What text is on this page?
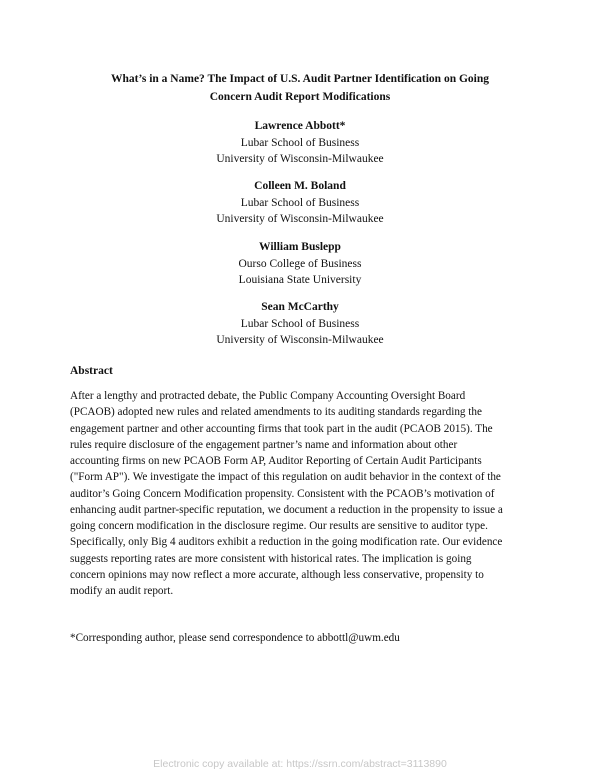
What’s in a Name? The Impact of U.S. Audit Partner Identification on Going
Concern Audit Report Modifications
Lawrence Abbott*
Lubar School of Business
University of Wisconsin-Milwaukee
Colleen M. Boland
Lubar School of Business
University of Wisconsin-Milwaukee
William Buslepp
Ourso College of Business
Louisiana State University
Sean McCarthy
Lubar School of Business
University of Wisconsin-Milwaukee
Abstract
After a lengthy and protracted debate, the Public Company Accounting Oversight Board
(PCAOB) adopted new rules and related amendments to its auditing standards regarding the
engagement partner and other accounting firms that took part in the audit (PCAOB 2015). The
rules require disclosure of the engagement partner’s name and information about other
accounting firms on new PCAOB Form AP, Auditor Reporting of Certain Audit Participants
("Form AP"). We investigate the impact of this regulation on audit behavior in the context of the
auditor’s Going Concern Modification propensity. Consistent with the PCAOB’s motivation of
enhancing audit partner-specific reputation, we document a reduction in the propensity to issue a
going concern modification in the disclosure regime. Our results are sensitive to auditor type.
Specifically, only Big 4 auditors exhibit a reduction in the going modification rate. Our evidence
suggests reporting rates are more consistent with historical rates. The implication is going
concern opinions may now reflect a more accurate, although less conservative, propensity to
modify an audit report.
*Corresponding author, please send correspondence to abbottl@uwm.edu
Electronic copy available at: https://ssrn.com/abstract=3113890
